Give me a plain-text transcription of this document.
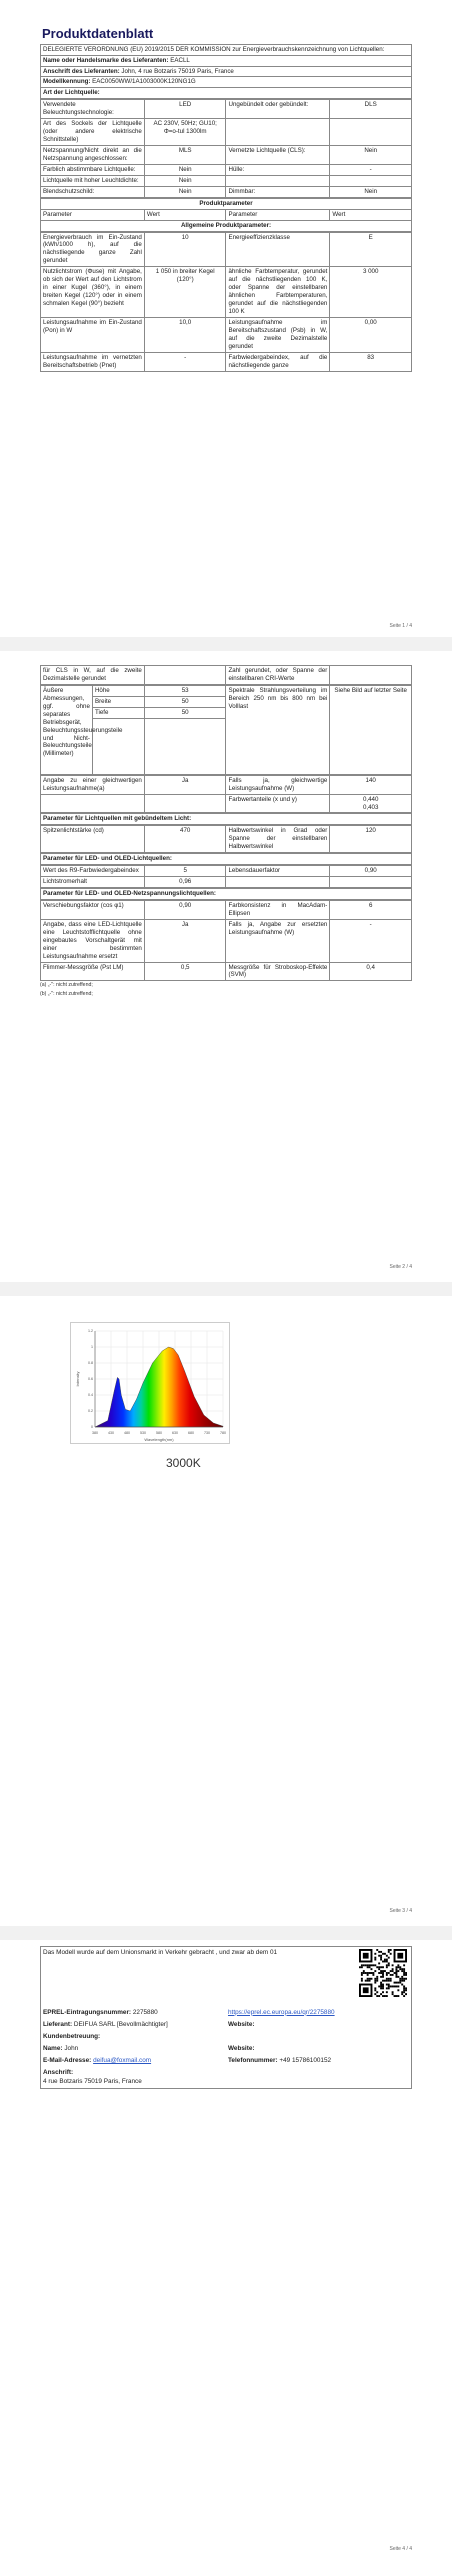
Produktdatenblatt
DELEGIERTE VERORDNUNG (EU) 2019/2015 DER KOMMISSION zur Energieverbrauchskennzeichnung von Lichtquellen:
Name oder Handelsmarke des Lieferanten: EACLL
Anschrift des Lieferanten: John, 4 rue Botzaris 75019 Paris, France
Modellkennung: EAC0050WW/1A1003000K120NG1G
Art der Lichtquelle:
Verwendete Beleuchtungstechnologie:	LED	Ungebündelt oder gebündelt:	DLS
Art des Sockels der Lichtquelle (oder andere elektrische Schnittstelle)	AC 230V, 50Hz; GU10; Φ=o-tul 1300lm		
Netzspannung/Nicht direkt an die Netzspannung angeschlossen:	MLS	Vernetzte Lichtquelle (CLS):	Nein
Farblich abstimmbare Lichtquelle:	Nein	Hülle:	-
Lichtquelle mit hoher Leuchtdichte:	Nein		
Blendschutzschild:	Nein	Dimmbar:	Nein
Produktparameter
Parameter	Wert	Parameter	Wert
Allgemeine Produktparameter:
Energieverbrauch im Ein-Zustand (kWh/1000 h), auf die nächstliegende ganze Zahl gerundet	10	Energieeffizienzklasse	E
Nutzlichtstrom (Φuse) mit Angabe, ob sich der Wert auf den Lichtstrom in einer Kugel (360°), in einem breiten Kegel (120°) oder in einem schmalen Kegel (90°) bezieht	1 050 in breiter Kegel (120°)	ähnliche Farbtemperatur, gerundet auf die nächstliegenden 100 K, oder Spanne der einstellbaren ähnlichen Farbtemperaturen, gerundet auf die nächstliegenden 100 K	3 000
Leistungsaufnahme im Ein-Zustand (Pon) in W	10,0	Leistungsaufnahme im Bereitschaftszustand (Psb) in W, auf die zweite Dezimalstelle gerundet	0,00
Leistungsaufnahme im vernetzten Bereitschaftsbetrieb (Pnet)	-	Farbwiedergabeindex, auf die nächstliegende ganze	83
Seite 1 / 4
für CLS in W, auf die zweite Dezimalstelle gerundet		Zahl gerundet, oder Spanne der einstellbaren CRI-Werte	
Äußere Abmessungen, ggf. ohne separates Betriebsgerät, Beleuchtungssteuerungsteile und Nicht-Beleuchtungsteile (Millimeter)	Höhe	53	Spektrale Strahlungsverteilung im Bereich 250 nm bis 800 nm bei Volllast	Siehe Bild auf letzter Seite
	Breite	50		
	Tiefe	50		

Angabe zu einer gleichwertigen Leistungsaufnahme(a)	Ja	Falls ja, gleichwertige Leistungsaufnahme (W)	140
		Farbwertanteile (x und y)	0,440
0,403
Parameter für Lichtquellen mit gebündeltem Licht:
Spitzenlichtstärke (cd)	470	Halbwertswinkel in Grad oder Spanne der einstellbaren Halbwertswinkel	120
Parameter für LED- und OLED-Lichtquellen:
Wert des R9-Farbwiedergabeindex	5	Lebensdauerfaktor	0,90
Lichtstromerhalt	0,96		
Parameter für LED- und OLED-Netzspannungslichtquellen:
Verschiebungsfaktor (cos φ1)	0,90	Farbkonsistenz in MacAdam-Ellipsen	6
Angabe, dass eine LED-Lichtquelle eine Leuchtstofflichtquelle ohne eingebautes Vorschaltgerät mit einer bestimmten Leistungsaufnahme ersetzt	Ja	Falls ja, Angabe zur ersetzten Leistungsaufnahme (W)	-
Flimmer-Messgröße (Pst LM)	0,5	Messgröße für Stroboskop-Effekte (SVM)	0,4
(a) „-": nicht zutreffend;
(b) „-": nicht zutreffend;
Seite 2 / 4
380	430	480	530	580	630	680	730	780
0
0.2
0.4
0.6
0.8
1
1.2
Wavelength(nm)
Intensity
3000K
Seite 3 / 4
Das Modell wurde auf dem Unionsmarkt in Verkehr gebracht , und zwar ab dem 01	

EPREL-Eintragungsnummer: 2275880	https://eprel.ec.europa.eu/qr/2275880
Lieferant: DEIFUA SARL [Bevollmächtigter]	Website:
Kundenbetreuung:	
Name: John	Website:
E-Mail-Adresse: deifua@foxmail.com	Telefonnummer: +49 15786100152
Anschrift:
4 rue Botzaris 75019 Paris, France	
Seite 4 / 4
